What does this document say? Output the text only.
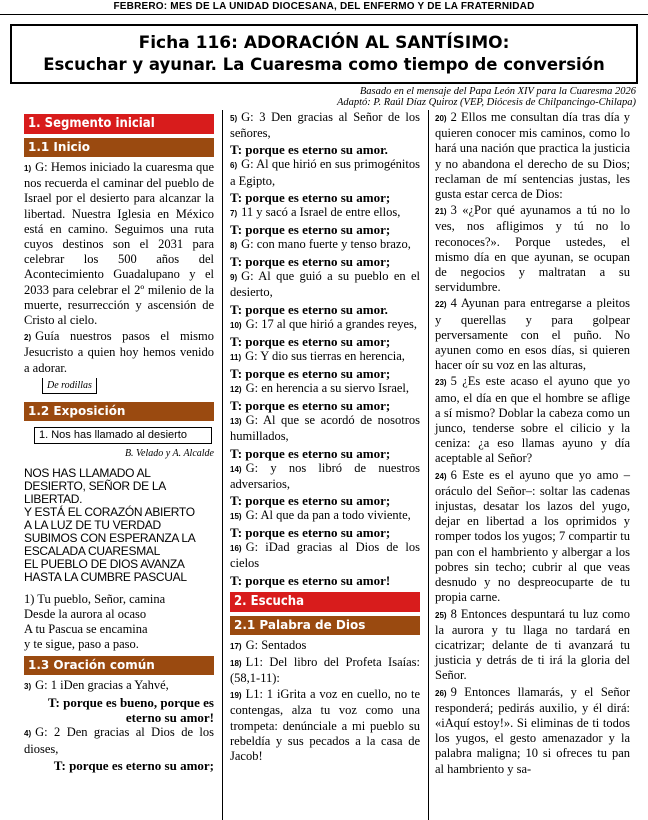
FEBRERO: MES DE LA UNIDAD DIOCESANA, DEL ENFERMO Y DE LA FRATERNIDAD
Ficha 116: ADORACIÓN AL SANTÍSIMO:
Escuchar y ayunar. La Cuaresma como tiempo de conversión
Basado en el mensaje del Papa León XIV para la Cuaresma 2026
Adaptó: P. Raúl Díaz Quiroz (VEP, Diócesis de Chilpancingo-Chilapa)
1. Segmento inicial
1.1 Inicio

1) G: Hemos iniciado la cuaresma que nos recuerda el caminar del pueblo de Israel por el desierto para alcanzar la libertad. Nuestra Iglesia en México está en camino. Seguimos una ruta cuyos destinos son el 2031 para celebrar los 500 años del Acontecimiento Guadalupano y el 2033 para celebrar el 2º milenio de la muerte, resurrección y ascensión de Cristo al cielo.

2) Guía nuestros pasos el mismo Jesucristo a quien hoy hemos venido a adorar.

De rodillas
1.2 Exposición
1. Nos has llamado al desierto
B. Velado y A. Alcalde
NOS HAS LLAMADO AL DESIERTO, SEÑOR DE LA LIBERTAD.
Y ESTÁ EL CORAZÓN ABIERTO
A LA LUZ DE TU VERDAD
SUBIMOS CON ESPERANZA LA ESCALADA CUARESMAL
EL PUEBLO DE DIOS AVANZA
HASTA LA CUMBRE PASCUAL
1) Tu pueblo, Señor, camina
Desde la aurora al ocaso
A tu Pascua se encamina
y te sigue, paso a paso.
1.3 Oración común

3) G: 1 iDen gracias a Yahvé,

T: porque es bueno, porque es eterno su amor!

4) G: 2 Den gracias al Dios de los dioses,

T: porque es eterno su amor;

5) G: 3 Den gracias al Señor de los señores,

T: porque es eterno su amor.

6) G: Al que hirió en sus primogénitos a Egipto,

T: porque es eterno su amor;

7) 11 y sacó a Israel de entre ellos,

T: porque es eterno su amor;

8) G: con mano fuerte y tenso brazo,

T: porque es eterno su amor;

9) G: Al que guió a su pueblo en el desierto,

T: porque es eterno su amor.

10) G: 17 al que hirió a grandes reyes,

T: porque es eterno su amor;

11) G: Y dio sus tierras en herencia,

T: porque es eterno su amor;

12) G: en herencia a su siervo Israel,

T: porque es eterno su amor;

13) G: Al que se acordó de nosotros humillados,

T: porque es eterno su amor;

14) G: y nos libró de nuestros adversarios,

T: porque es eterno su amor;

15) G: Al que da pan a todo viviente,

T: porque es eterno su amor;

16) G: iDad gracias al Dios de los cielos

T: porque es eterno su amor!
2. Escucha
2.1 Palabra de Dios

17) G: Sentados

18) L1: Del libro del Profeta Isaías: (58,1-11):

19) L1: 1 iGrita a voz en cuello, no te contengas, alza tu voz como una trompeta: denúnciale a mi pueblo su rebeldía y sus pecados a la casa de Jacob!

20) 2 Ellos me consultan día tras día y quieren conocer mis caminos, como lo hará una nación que practica la justicia y no abandona el derecho de su Dios; reclaman de mí sentencias justas, les gusta estar cerca de Dios:

21) 3 «¿Por qué ayunamos a tú no lo ves, nos afligimos y tú no lo reconoces?». Porque ustedes, el mismo día en que ayunan, se ocupan de negocios y maltratan a su servidumbre.

22) 4 Ayunan para entregarse a pleitos y querellas y para golpear perversamente con el puño. No ayunen como en esos días, si quieren hacer oír su voz en las alturas,

23) 5 ¿Es este acaso el ayuno que yo amo, el día en que el hombre se aflige a sí mismo? Doblar la cabeza como un junco, tenderse sobre el cilicio y la ceniza: ¿a eso llamas ayuno y día aceptable al Señor?

24) 6 Este es el ayuno que yo amo –oráculo del Señor–: soltar las cadenas injustas, desatar los lazos del yugo, dejar en libertad a los oprimidos y romper todos los yugos; 7 compartir tu pan con el hambriento y albergar a los pobres sin techo; cubrir al que veas desnudo y no despreocuparte de tu propia carne.

25) 8 Entonces despuntará tu luz como la aurora y tu llaga no tardará en cicatrizar; delante de ti avanzará tu justicia y detrás de ti irá la gloria del Señor.

26) 9 Entonces llamarás, y el Señor responderá; pedirás auxilio, y él dirá: «iAquí estoy!». Si eliminas de ti todos los yugos, el gesto amenazador y la palabra maligna; 10 si ofreces tu pan al hambriento y sa-
